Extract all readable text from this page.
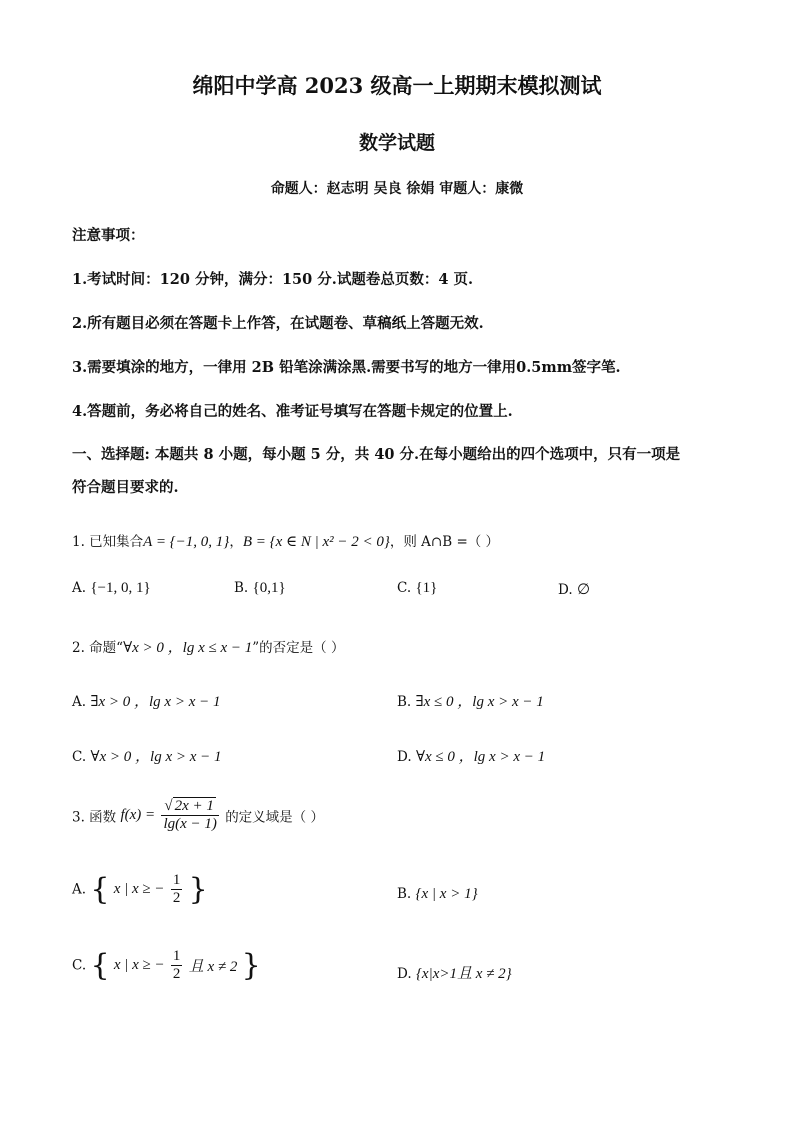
绵阳中学高 2023 级高一上期期末模拟测试
数学试题
命题人：赵志明 吴良 徐娟 审题人：康微
注意事项：
1.考试时间：120 分钟，满分：150 分.试题卷总页数：4 页.
2.所有题目必须在答题卡上作答，在试题卷、草稿纸上答题无效.
3.需要填涂的地方，一律用 2B 铅笔涂满涂黑.需要书写的地方一律用0.5mm签字笔.
4.答题前，务必将自己的姓名、准考证号填写在答题卡规定的位置上.
一、选择题: 本题共 8 小题，每小题 5 分，共 40 分.在每小题给出的四个选项中，只有一项是
符合题目要求的.
1. 已知集合A = {−1, 0, 1}，B = {x ∈ N | x² − 2 < 0}，则 A∩B =（ ）
A. {−1, 0, 1}	B. {0,1}	C. {1}	D. ∅
2. 命题“∀x > 0 ，lg x ≤ x − 1”的否定是（ ）
A. ∃x > 0 ，lg x > x − 1	B. ∃x ≤ 0 ，lg x > x − 1
C. ∀x > 0 ，lg x > x − 1	D. ∀x ≤ 0 ，lg x > x − 1
3. 函数 $f(x) = \frac{√ 2x + 1}{\lg(x - 1)}$ 的定义域是（ ）
A. { x | x ≥ − $\frac{1}{2}$ }	B. {x | x > 1}
C. { x | x ≥ − $\frac{1}{2}$ 且 x ≠ 2 }	D. {x|x>1且 x ≠ 2}
